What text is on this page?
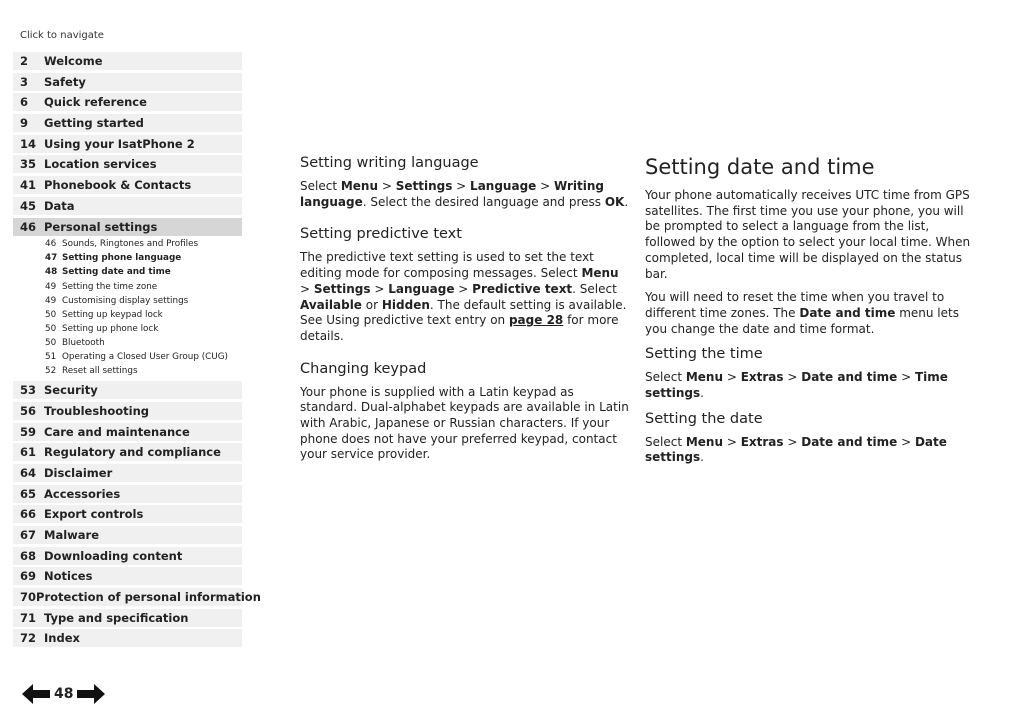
Click to navigate
2	Welcome
3	Safety
6	Quick reference
9	Getting started
14 Using your IsatPhone 2
35 Location services
41 Phonebook & Contacts
45 Data
46 Personal settings
46 Sounds, Ringtones and Profiles
47 Setting phone language
48 Setting date and time
49 Setting the time zone
49 Customising display settings
50 Setting up keypad lock
50 Setting up phone lock
50 Bluetooth
51 Operating a Closed User Group (CUG)
52 Reset all settings
53 Security
56 Troubleshooting
59 Care and maintenance
61 Regulatory and compliance
64 Disclaimer
65 Accessories
66 Export controls
67 Malware
68 Downloading content
69 Notices
70 Protection of personal information
71 Type and specification
72 Index
Setting writing language

Select Menu > Settings > Language > Writing language. Select the desired language and press OK.

Setting predictive text

The predictive text setting is used to set the text editing mode for composing messages. Select Menu > Settings > Language > Predictive text. Select Available or Hidden. The default setting is available. See Using predictive text entry on page 28 for more details.

Changing keypad

Your phone is supplied with a Latin keypad as standard. Dual-alphabet keypads are available in Latin with Arabic, Japanese or Russian characters. If your phone does not have your preferred keypad, contact your service provider.

Setting date and time

Your phone automatically receives UTC time from GPS satellites. The first time you use your phone, you will be prompted to select a language from the list, followed by the option to select your local time. When completed, local time will be displayed on the status bar.

You will need to reset the time when you travel to different time zones. The Date and time menu lets you change the date and time format.

Setting the time

Select Menu > Extras > Date and time > Time settings.

Setting the date

Select Menu > Extras > Date and time > Date settings.

48
